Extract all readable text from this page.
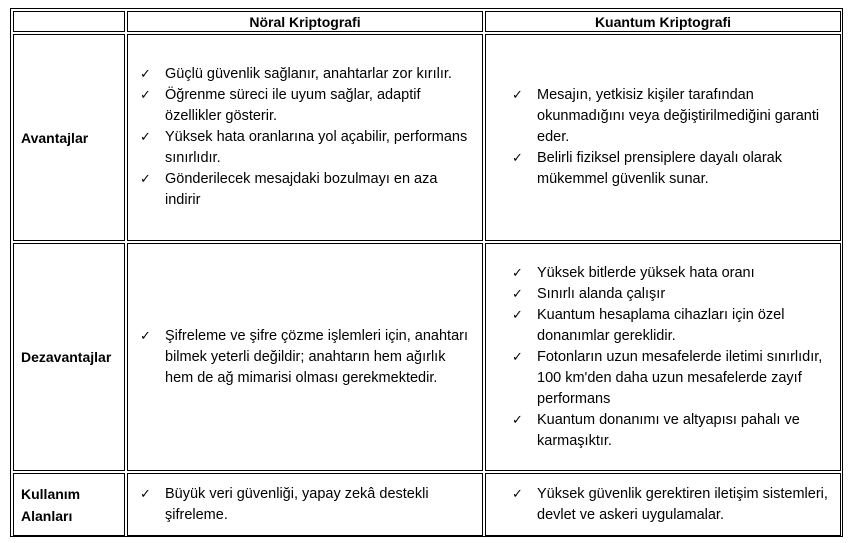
Nöral Kriptografi	Kuantum Kriptografi
Avantajlar
✓ Güçlü güvenlik sağlanır, anahtarlar zor kırılır.
✓ Öğrenme süreci ile uyum sağlar, adaptif özellikler gösterir.
✓ Yüksek hata oranlarına yol açabilir, performans sınırlıdır.
✓ Gönderilecek mesajdaki bozulmayı en aza indirir
✓ Mesajın, yetkisiz kişiler tarafından okunmadığını veya değiştirilmediğini garanti eder.
✓ Belirli fiziksel prensiplere dayalı olarak mükemmel güvenlik sunar.
Dezavantajlar
✓ Şifreleme ve şifre çözme işlemleri için, anahtarı bilmek yeterli değildir; anahtarın hem ağırlık hem de ağ mimarisi olması gerekmektedir.
✓ Yüksek bitlerde yüksek hata oranı
✓ Sınırlı alanda çalışır
✓ Kuantum hesaplama cihazları için özel donanımlar gereklidir.
✓ Fotonların uzun mesafelerde iletimi sınırlıdır, 100 km'den daha uzun mesafelerde zayıf performans
✓ Kuantum donanımı ve altyapısı pahalı ve karmaşıktır.
Kullanım Alanları
✓ Büyük veri güvenliği, yapay zekâ destekli şifreleme.
✓ Yüksek güvenlik gerektiren iletişim sistemleri, devlet ve askeri uygulamalar.
